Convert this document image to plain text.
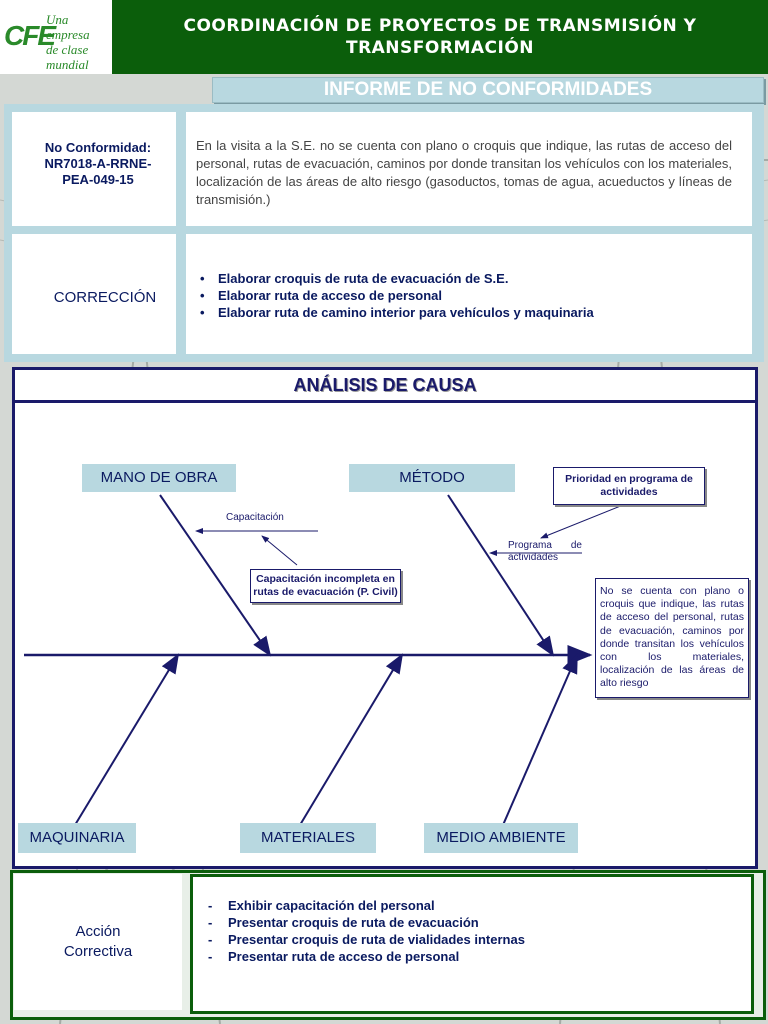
CFE
Una empresa
de clase mundial
COORDINACIÓN DE PROYECTOS DE TRANSMISIÓN Y
TRANSFORMACIÓN
INFORME DE NO CONFORMIDADES
No Conformidad:
NR7018-A-RRNE-
PEA-049-15
En la visita a la S.E. no se cuenta con plano o croquis que indique, las rutas de acceso del personal, rutas de evacuación, caminos por donde transitan los vehículos con los materiales, localización de las áreas de alto riesgo (gasoductos, tomas de agua, acueductos y líneas de transmisión.)
CORRECCIÓN
• Elaborar croquis de ruta de evacuación de S.E.
• Elaborar ruta de acceso de personal
• Elaborar ruta de camino interior para vehículos y maquinaria
ANÁLISIS DE CAUSA
MANO DE OBRA	MÉTODO
MAQUINARIA	MATERIALES	MEDIO AMBIENTE
Capacitación
Capacitación incompleta en rutas de evacuación (P. Civil)
Programa de actividades
Prioridad en programa de actividades
No se cuenta con plano o croquis que indique, las rutas de acceso del personal, rutas de evacuación, caminos por donde transitan los vehículos con los materiales, localización de las áreas de alto riesgo
Acción
Correctiva
- Exhibir capacitación del personal
- Presentar croquis de ruta de evacuación
- Presentar croquis de ruta de vialidades internas
- Presentar ruta de acceso de personal
